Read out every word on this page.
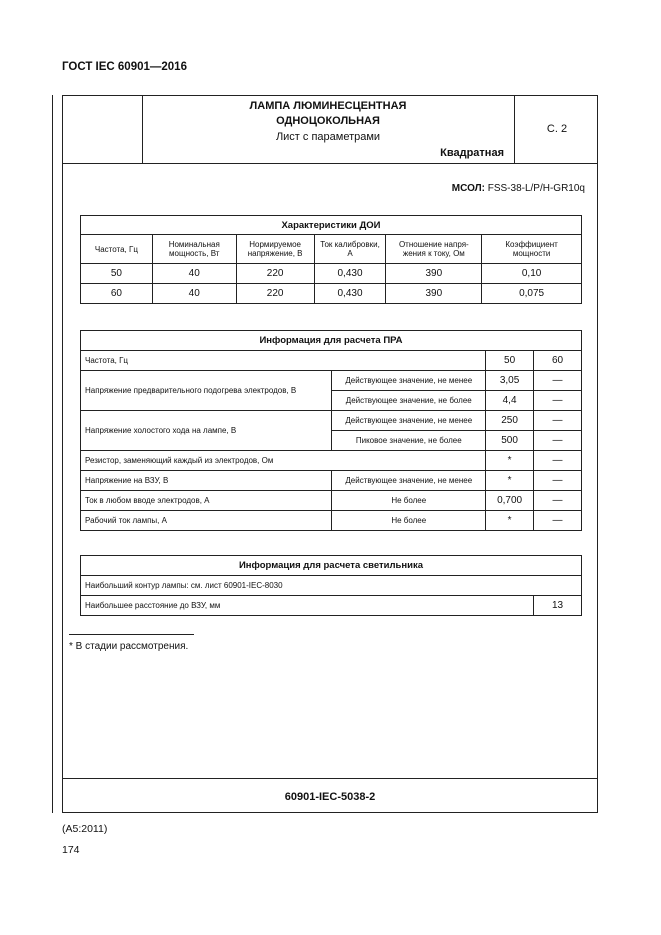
ГОСТ IEC 60901—2016
ЛАМПА ЛЮМИНЕСЦЕНТНАЯ
ОДНОЦОКОЛЬНАЯ
Лист с параметрами
Квадратная
С. 2
МСОЛ: FSS-38-L/P/H-GR10q
Характеристики ДОИ					
Частота, Гц	Номинальная мощность, Вт	Нормируемое напряжение, В	Ток калибровки, А	Отношение напря-жения к току, Ом	Коэффициент мощности
50	40	220	0,430	390	0,10
60	40	220	0,430	390	0,075
Информация для расчета ПРА			
Частота, Гц		50	60
Напряжение предварительного подогрева электродов, В	Действующее значение, не менее	3,05	—
	Действующее значение, не более	4,4	—
Напряжение холостого хода на лампе, В	Действующее значение, не менее	250	—
	Пиковое значение, не более	500	—
Резистор, заменяющий каждый из электродов, Ом		*	—
Напряжение на ВЗУ, В	Действующее значение, не менее	*	—
Ток в любом вводе электродов, А	Не более	0,700	—
Рабочий ток лампы, А	Не более	*	—
Информация для расчета светильника
Наибольший контур лампы: см. лист 60901-IEC-8030
Наибольшее расстояние до ВЗУ, мм	13
* В стадии рассмотрения.
60901-IEC-5038-2
(A5:2011)
174
